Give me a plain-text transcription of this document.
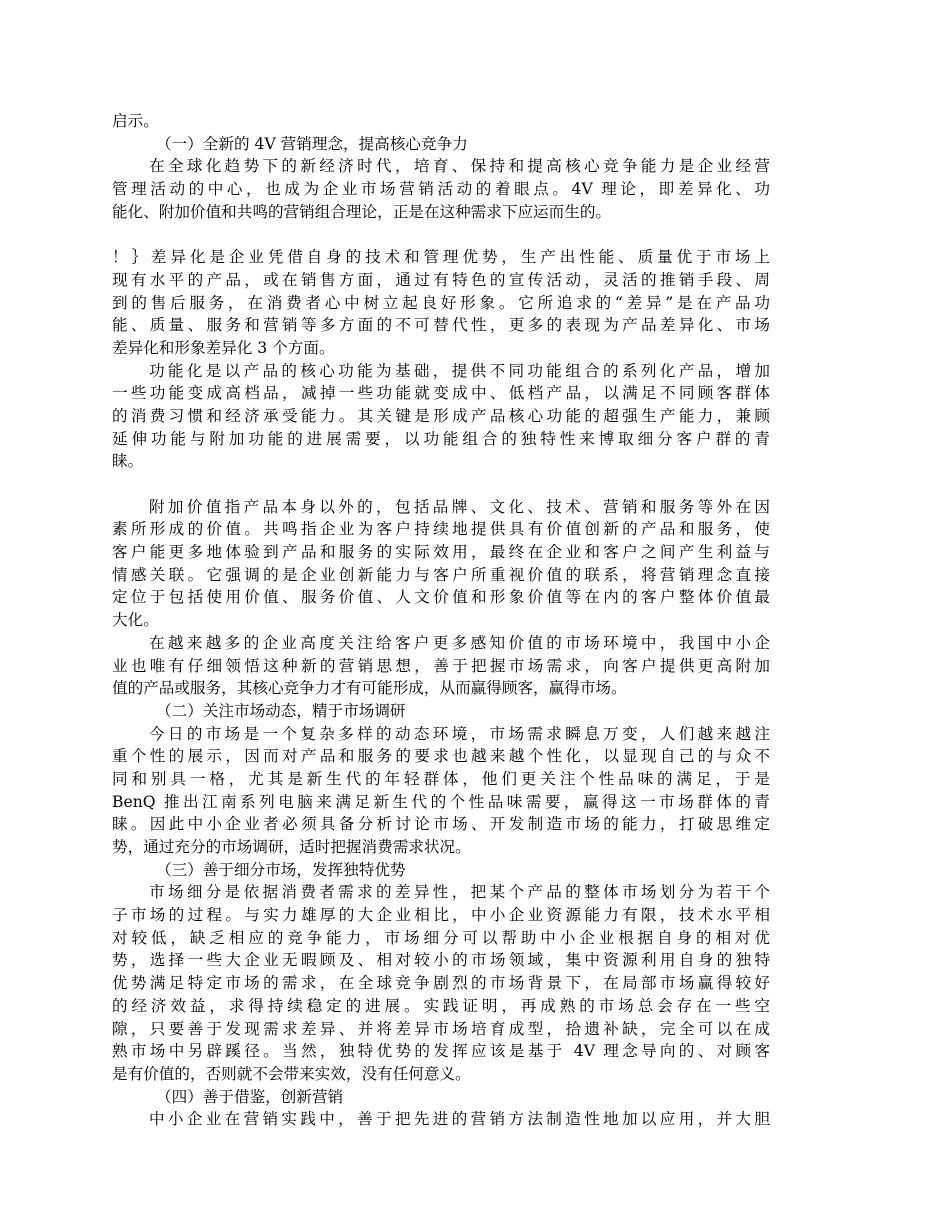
启示。
（一）全新的 4V 营销理念，提高核心竞争力
在全球化趋势下的新经济时代，培育、保持和提高核心竞争能力是企业经营
管理活动的中心，也成为企业市场营销活动的着眼点。4V 理论，即差异化、功
能化、附加价值和共鸣的营销组合理论，正是在这种需求下应运而生的。
！｝差异化是企业凭借自身的技术和管理优势，生产出性能、质量优于市场上
现有水平的产品，或在销售方面，通过有特色的宣传活动，灵活的推销手段、周
到的售后服务，在消费者心中树立起良好形象。它所追求的“差异”是在产品功
能、质量、服务和营销等多方面的不可替代性，更多的表现为产品差异化、市场
差异化和形象差异化 3 个方面。
功能化是以产品的核心功能为基础，提供不同功能组合的系列化产品，增加
一些功能变成高档品，减掉一些功能就变成中、低档产品，以满足不同顾客群体
的消费习惯和经济承受能力。其关键是形成产品核心功能的超强生产能力，兼顾
延伸功能与附加功能的进展需要，以功能组合的独特性来博取细分客户群的青
睐。
附加价值指产品本身以外的，包括品牌、文化、技术、营销和服务等外在因
素所形成的价值。共鸣指企业为客户持续地提供具有价值创新的产品和服务，使
客户能更多地体验到产品和服务的实际效用，最终在企业和客户之间产生利益与
情感关联。它强调的是企业创新能力与客户所重视价值的联系，将营销理念直接
定位于包括使用价值、服务价值、人文价值和形象价值等在内的客户整体价值最
大化。
在越来越多的企业高度关注给客户更多感知价值的市场环境中，我国中小企
业也唯有仔细领悟这种新的营销思想，善于把握市场需求，向客户提供更高附加
值的产品或服务，其核心竞争力才有可能形成，从而赢得顾客，赢得市场。
（二）关注市场动态，精于市场调研
今日的市场是一个复杂多样的动态环境，市场需求瞬息万变，人们越来越注
重个性的展示，因而对产品和服务的要求也越来越个性化，以显现自己的与众不
同和别具一格，尤其是新生代的年轻群体，他们更关注个性品味的满足，于是
BenQ 推出江南系列电脑来满足新生代的个性品味需要，赢得这一市场群体的青
睐。因此中小企业者必须具备分析讨论市场、开发制造市场的能力，打破思维定
势，通过充分的市场调研，适时把握消费需求状况。
（三）善于细分市场，发挥独特优势
市场细分是依据消费者需求的差异性，把某个产品的整体市场划分为若干个
子市场的过程。与实力雄厚的大企业相比，中小企业资源能力有限，技术水平相
对较低，缺乏相应的竞争能力，市场细分可以帮助中小企业根据自身的相对优
势，选择一些大企业无暇顾及、相对较小的市场领域，集中资源利用自身的独特
优势满足特定市场的需求，在全球竞争剧烈的市场背景下，在局部市场赢得较好
的经济效益，求得持续稳定的进展。实践证明，再成熟的市场总会存在一些空
隙，只要善于发现需求差异、并将差异市场培育成型，拾遗补缺，完全可以在成
熟市场中另辟蹊径。当然，独特优势的发挥应该是基于 4V 理念导向的、对顾客
是有价值的，否则就不会带来实效，没有任何意义。
（四）善于借鉴，创新营销
中小企业在营销实践中，善于把先进的营销方法制造性地加以应用，并大胆
